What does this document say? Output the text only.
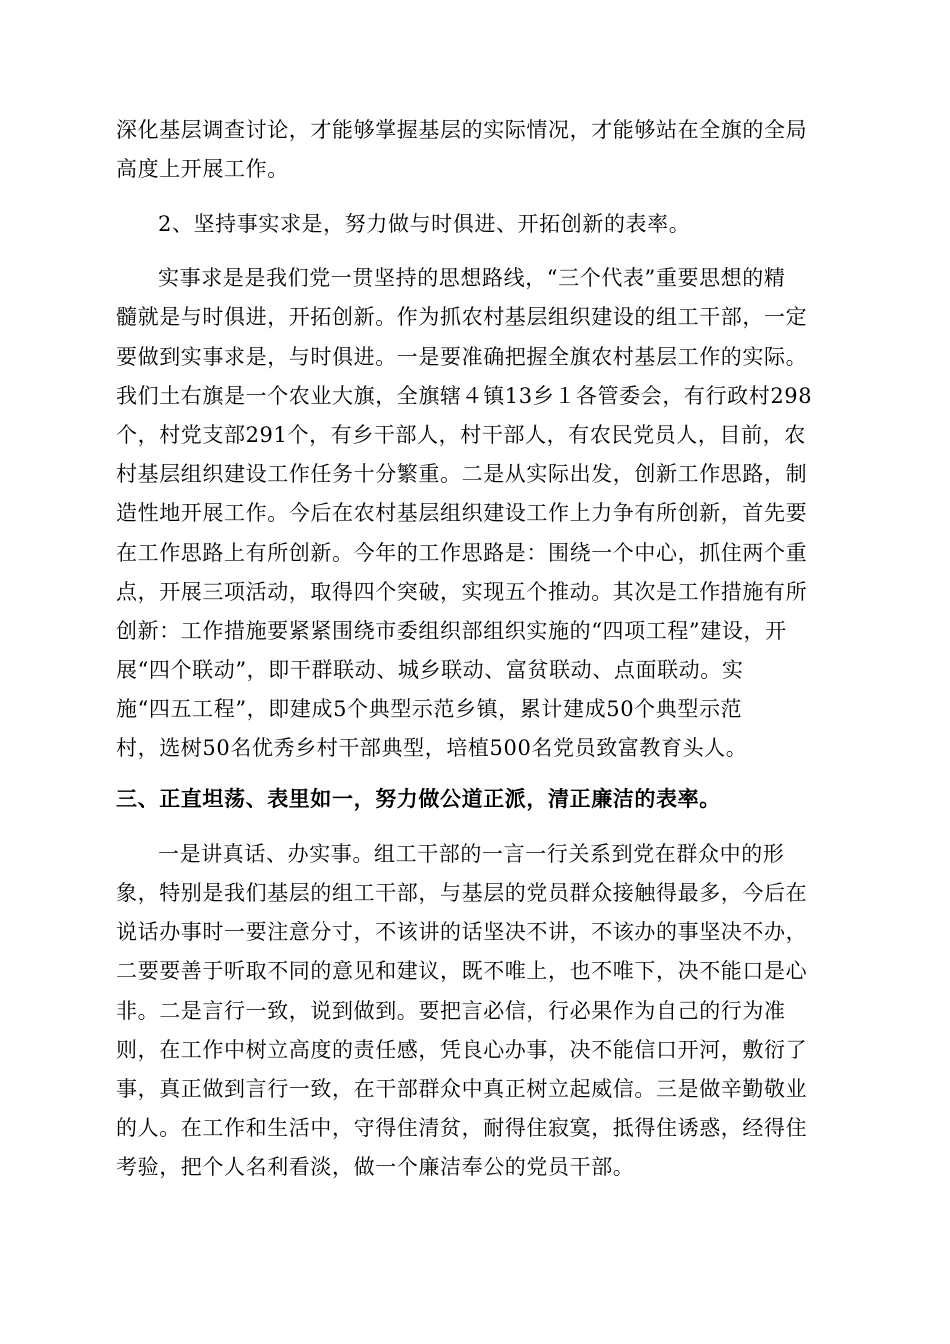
深化基层调查讨论，才能够掌握基层的实际情况，才能够站在全旗的全局
高度上开展工作。
2、坚持事实求是，努力做与时俱进、开拓创新的表率。
实事求是是我们党一贯坚持的思想路线，“三个代表”重要思想的精
髓就是与时俱进，开拓创新。作为抓农村基层组织建设的组工干部，一定
要做到实事求是，与时俱进。一是要准确把握全旗农村基层工作的实际。
我们土右旗是一个农业大旗，全旗辖４镇13乡１各管委会，有行政村298
个，村党支部291个，有乡干部人，村干部人，有农民党员人，目前，农
村基层组织建设工作任务十分繁重。二是从实际出发，创新工作思路，制
造性地开展工作。今后在农村基层组织建设工作上力争有所创新，首先要
在工作思路上有所创新。今年的工作思路是：围绕一个中心，抓住两个重
点，开展三项活动，取得四个突破，实现五个推动。其次是工作措施有所
创新：工作措施要紧紧围绕市委组织部组织实施的“四项工程”建设，开
展“四个联动”，即干群联动、城乡联动、富贫联动、点面联动。实
施“四五工程”，即建成5个典型示范乡镇，累计建成50个典型示范
村，选树50名优秀乡村干部典型，培植500名党员致富教育头人。
三、正直坦荡、表里如一，努力做公道正派，清正廉洁的表率。
一是讲真话、办实事。组工干部的一言一行关系到党在群众中的形
象，特别是我们基层的组工干部，与基层的党员群众接触得最多，今后在
说话办事时一要注意分寸，不该讲的话坚决不讲，不该办的事坚决不办，
二要要善于听取不同的意见和建议，既不唯上，也不唯下，决不能口是心
非。二是言行一致，说到做到。要把言必信，行必果作为自己的行为准
则，在工作中树立高度的责任感，凭良心办事，决不能信口开河，敷衍了
事，真正做到言行一致，在干部群众中真正树立起威信。三是做辛勤敬业
的人。在工作和生活中，守得住清贫，耐得住寂寞，抵得住诱惑，经得住
考验，把个人名利看淡，做一个廉洁奉公的党员干部。
